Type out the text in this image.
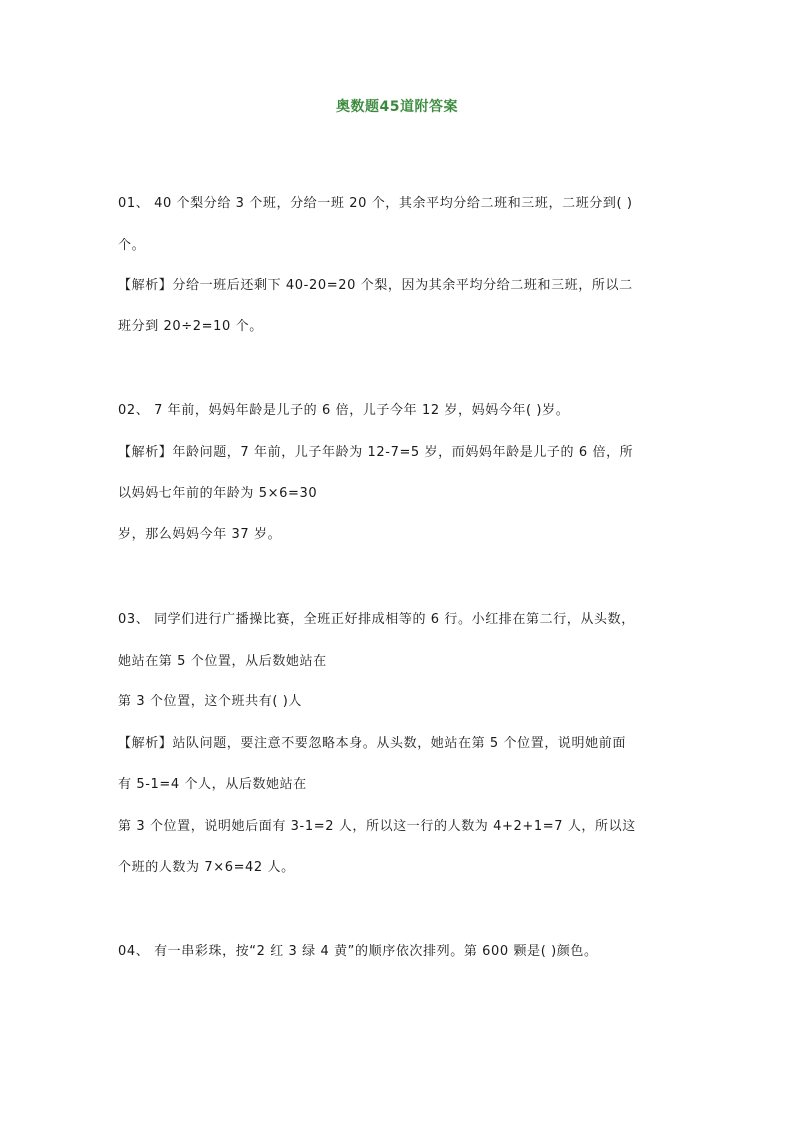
奥数题45道附答案
01、 40 个梨分给 3 个班，分给一班 20 个，其余平均分给二班和三班，二班分到( )
个。
【解析】分给一班后还剩下 40-20=20 个梨，因为其余平均分给二班和三班，所以二
班分到 20÷2=10 个。
02、 7 年前，妈妈年龄是儿子的 6 倍，儿子今年 12 岁，妈妈今年( )岁。
【解析】年龄问题，7 年前，儿子年龄为 12-7=5 岁，而妈妈年龄是儿子的 6 倍，所
以妈妈七年前的年龄为 5×6=30
岁，那么妈妈今年 37 岁。
03、 同学们进行广播操比赛，全班正好排成相等的 6 行。小红排在第二行，从头数，
她站在第 5 个位置，从后数她站在
第 3 个位置，这个班共有( )人
【解析】站队问题，要注意不要忽略本身。从头数，她站在第 5 个位置，说明她前面
有 5-1=4 个人，从后数她站在
第 3 个位置，说明她后面有 3-1=2 人，所以这一行的人数为 4+2+1=7 人，所以这
个班的人数为 7×6=42 人。
04、 有一串彩珠，按“2 红 3 绿 4 黄”的顺序依次排列。第 600 颗是( )颜色。
